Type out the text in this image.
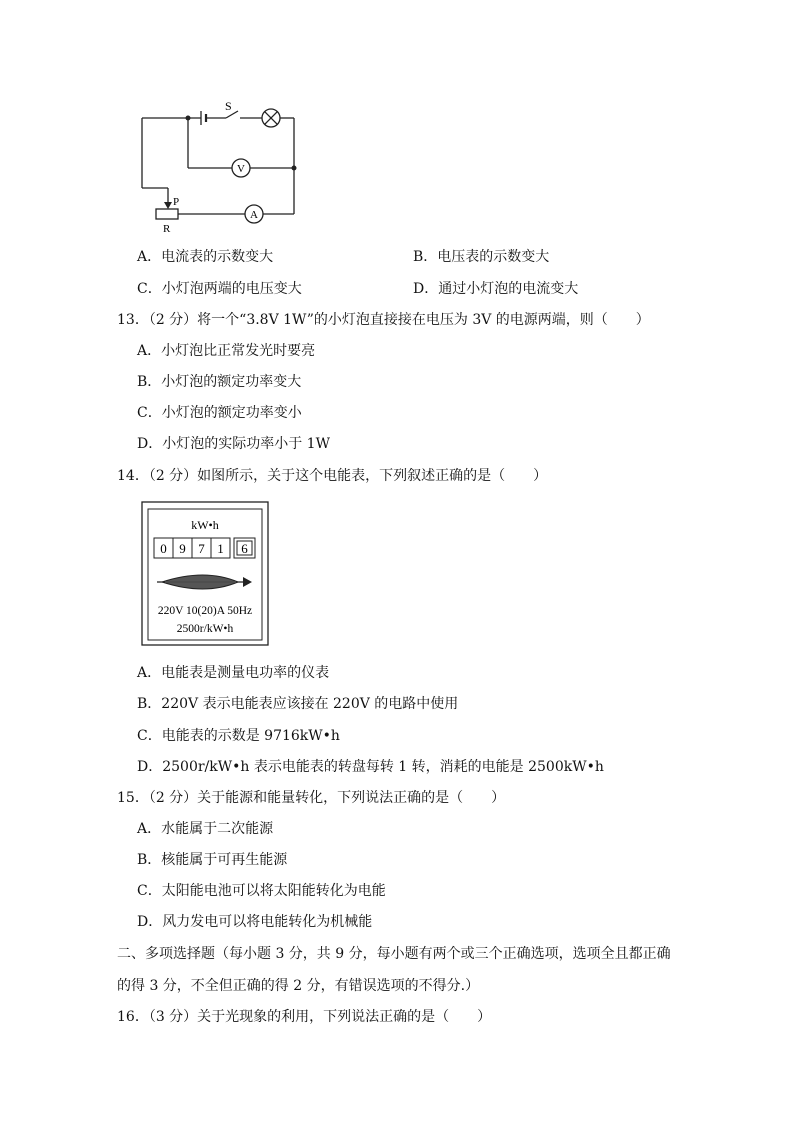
S
V
A
P
R
A．电流表的示数变大	B．电压表的示数变大
C．小灯泡两端的电压变大	D．通过小灯泡的电流变大
13．（2 分）将一个“3.8V 1W”的小灯泡直接接在电压为 3V 的电源两端，则（　　）
A．小灯泡比正常发光时要亮
B．小灯泡的额定功率变大
C．小灯泡的额定功率变小
D．小灯泡的实际功率小于 1W
14．（2 分）如图所示，关于这个电能表，下列叙述正确的是（　　）
kW•h
0 9 7 1 6
220V 10(20)A 50Hz
2500r/kW•h
A．电能表是测量电功率的仪表
B．220V 表示电能表应该接在 220V 的电路中使用
C．电能表的示数是 9716kW•h
D．2500r/kW•h 表示电能表的转盘每转 1 转，消耗的电能是 2500kW•h
15．（2 分）关于能源和能量转化，下列说法正确的是（　　）
A．水能属于二次能源
B．核能属于可再生能源
C．太阳能电池可以将太阳能转化为电能
D．风力发电可以将电能转化为机械能
二、多项选择题（每小题 3 分，共 9 分，每小题有两个或三个正确选项，选项全且都正确
的得 3 分，不全但正确的得 2 分，有错误选项的不得分.）
16．（3 分）关于光现象的利用，下列说法正确的是（　　）
